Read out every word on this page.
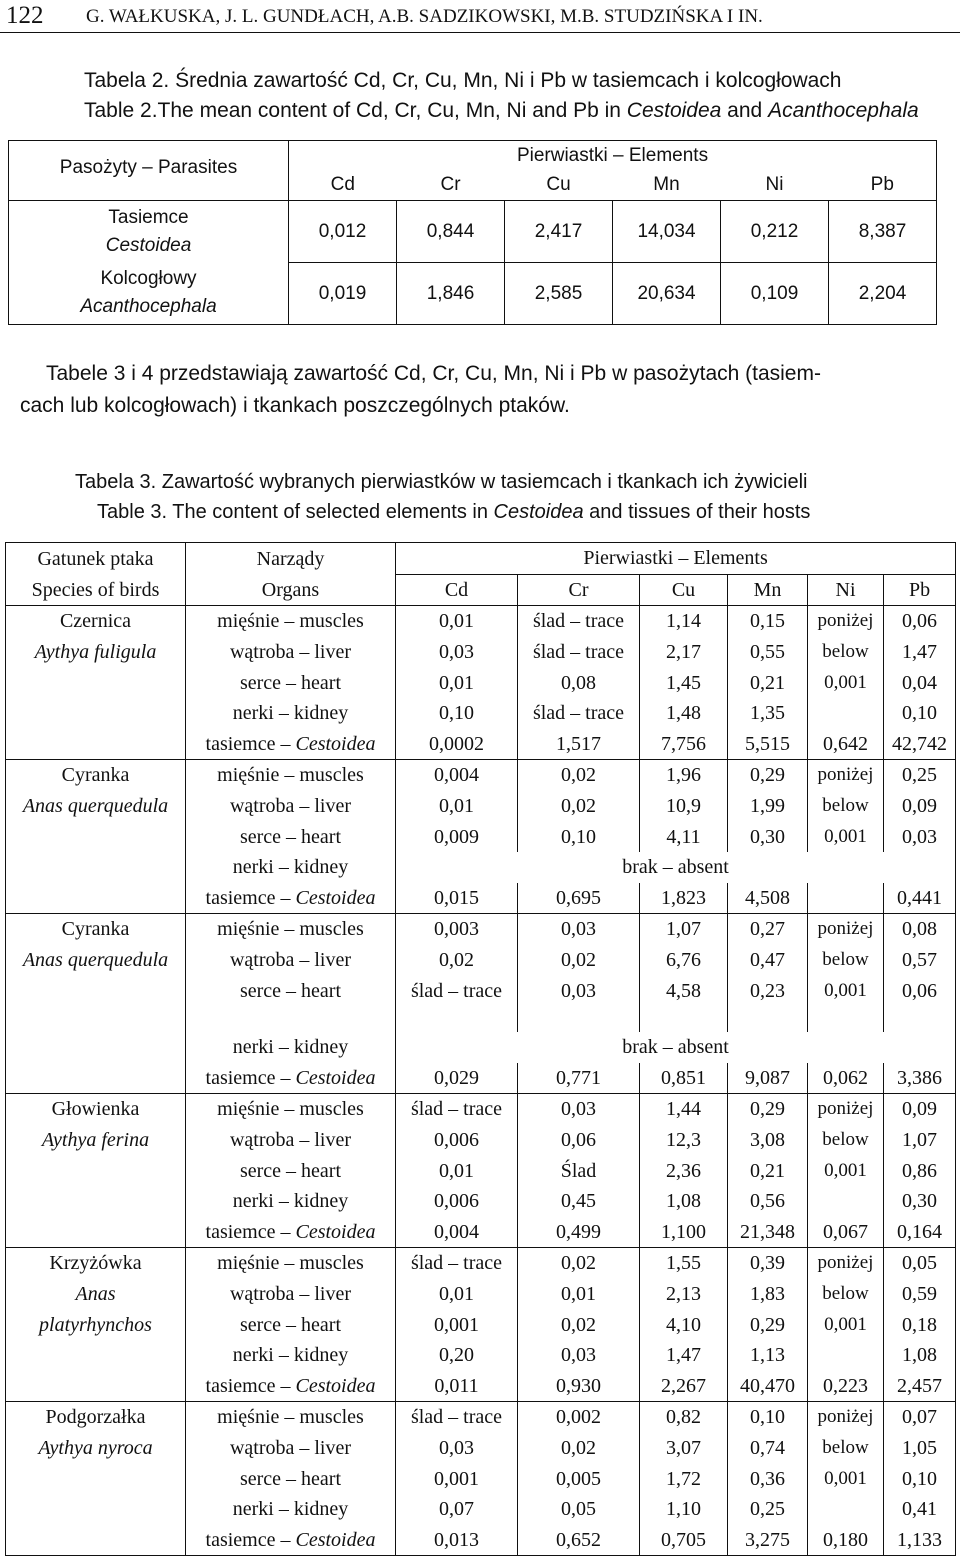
122 G. WAŁKUSKA, J. L. GUNDŁACH, A.B. SADZIKOWSKI, M.B. STUDZIŃSKA I IN.
Tabela 2. Średnia zawartość Cd, Cr, Cu, Mn, Ni i Pb w tasiemcach i kolcogłowach
Table 2.The mean content of Cd, Cr, Cu, Mn, Ni and Pb in Cestoidea and Acanthocephala
Pasożyty – Parasites	Pierwiastki – Elements					
	Cd	Cr	Cu	Mn	Ni	Pb

Tasiemce
Cestoidea	0,012	0,844	2,417	14,034	0,212	8,387

Kolcogłowy
Acanthocephala	0,019	1,846	2,585	20,634	0,109	2,204
Tabele 3 i 4 przedstawiają zawartość Cd, Cr, Cu, Mn, Ni i Pb w pasożytach (tasiem-
cach lub kolcogłowach) i tkankach poszczególnych ptaków.
Tabela 3. Zawartość wybranych pierwiastków w tasiemcach i tkankach ich żywicieli
Table 3. The content of selected elements in Cestoidea and tissues of their hosts
Gatunek ptaka	Narządy	Pierwiastki – Elements					
Species of birds	Organs	Cd	Cr	Cu	Mn	Ni	Pb
Czernica	mięśnie – muscles	0,01	ślad – trace	1,14	0,15	poniżej	0,06
Aythya fuligula	wątroba – liver	0,03	ślad – trace	2,17	0,55	below	1,47
	serce – heart	0,01	0,08	1,45	0,21	0,001	0,04
	nerki – kidney	0,10	ślad – trace	1,48	1,35		0,10
	tasiemce – Cestoidea	0,0002	1,517	7,756	5,515	0,642	42,742
Cyranka	mięśnie – muscles	0,004	0,02	1,96	0,29	poniżej	0,25
Anas querquedula	wątroba – liver	0,01	0,02	10,9	1,99	below	0,09
	serce – heart	0,009	0,10	4,11	0,30	0,001	0,03
	nerki – kidney	brak – absent					
	tasiemce – Cestoidea	0,015	0,695	1,823	4,508		0,441
Cyranka	mięśnie – muscles	0,003	0,03	1,07	0,27	poniżej	0,08
Anas querquedula	wątroba – liver	0,02	0,02	6,76	0,47	below	0,57
	serce – heart	ślad – trace	0,03	4,58	0,23	0,001	0,06

	nerki – kidney	brak – absent					
	tasiemce – Cestoidea	0,029	0,771	0,851	9,087	0,062	3,386
Głowienka	mięśnie – muscles	ślad – trace	0,03	1,44	0,29	poniżej	0,09
Aythya ferina	wątroba – liver	0,006	0,06	12,3	3,08	below	1,07
	serce – heart	0,01	Ślad	2,36	0,21	0,001	0,86
	nerki – kidney	0,006	0,45	1,08	0,56		0,30
	tasiemce – Cestoidea	0,004	0,499	1,100	21,348	0,067	0,164
Krzyżówka	mięśnie – muscles	ślad – trace	0,02	1,55	0,39	poniżej	0,05
Anas	wątroba – liver	0,01	0,01	2,13	1,83	below	0,59
platyrhynchos	serce – heart	0,001	0,02	4,10	0,29	0,001	0,18
	nerki – kidney	0,20	0,03	1,47	1,13		1,08
	tasiemce – Cestoidea	0,011	0,930	2,267	40,470	0,223	2,457
Podgorzałka	mięśnie – muscles	ślad – trace	0,002	0,82	0,10	poniżej	0,07
Aythya nyroca	wątroba – liver	0,03	0,02	3,07	0,74	below	1,05
	serce – heart	0,001	0,005	1,72	0,36	0,001	0,10
	nerki – kidney	0,07	0,05	1,10	0,25		0,41
	tasiemce – Cestoidea	0,013	0,652	0,705	3,275	0,180	1,133
